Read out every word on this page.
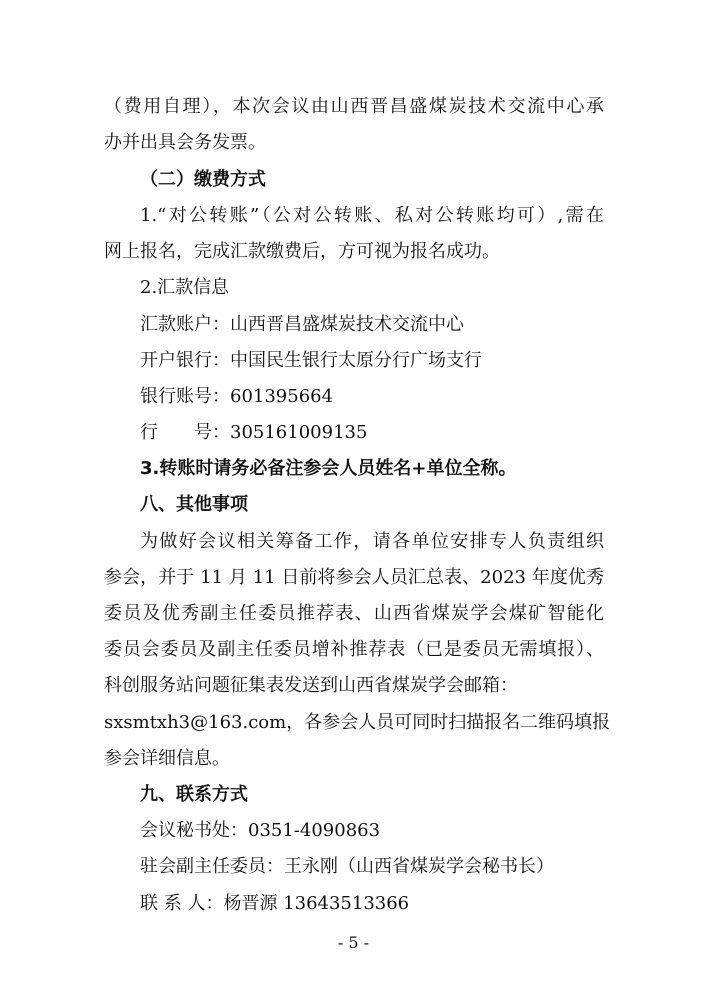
（费用自理），本次会议由山西晋昌盛煤炭技术交流中心承
办并出具会务发票。
（二）缴费方式
1.“对公转账”（公对公转账、私对公转账均可）,需在
网上报名，完成汇款缴费后，方可视为报名成功。
2.汇款信息
汇款账户：山西晋昌盛煤炭技术交流中心
开户银行：中国民生银行太原分行广场支行
银行账号：601395664
行　　号：305161009135
3.转账时请务必备注参会人员姓名+单位全称。
八、其他事项
为做好会议相关筹备工作，请各单位安排专人负责组织
参会，并于 11 月 11 日前将参会人员汇总表、2023 年度优秀
委员及优秀副主任委员推荐表、山西省煤炭学会煤矿智能化
委员会委员及副主任委员增补推荐表（已是委员无需填报）、
科创服务站问题征集表发送到山西省煤炭学会邮箱：
sxsmtxh3@163.com，各参会人员可同时扫描报名二维码填报
参会详细信息。
九、联系方式
会议秘书处：0351-4090863
驻会副主任委员：王永刚（山西省煤炭学会秘书长）
联 系 人：杨晋源 13643513366
- 5 -
